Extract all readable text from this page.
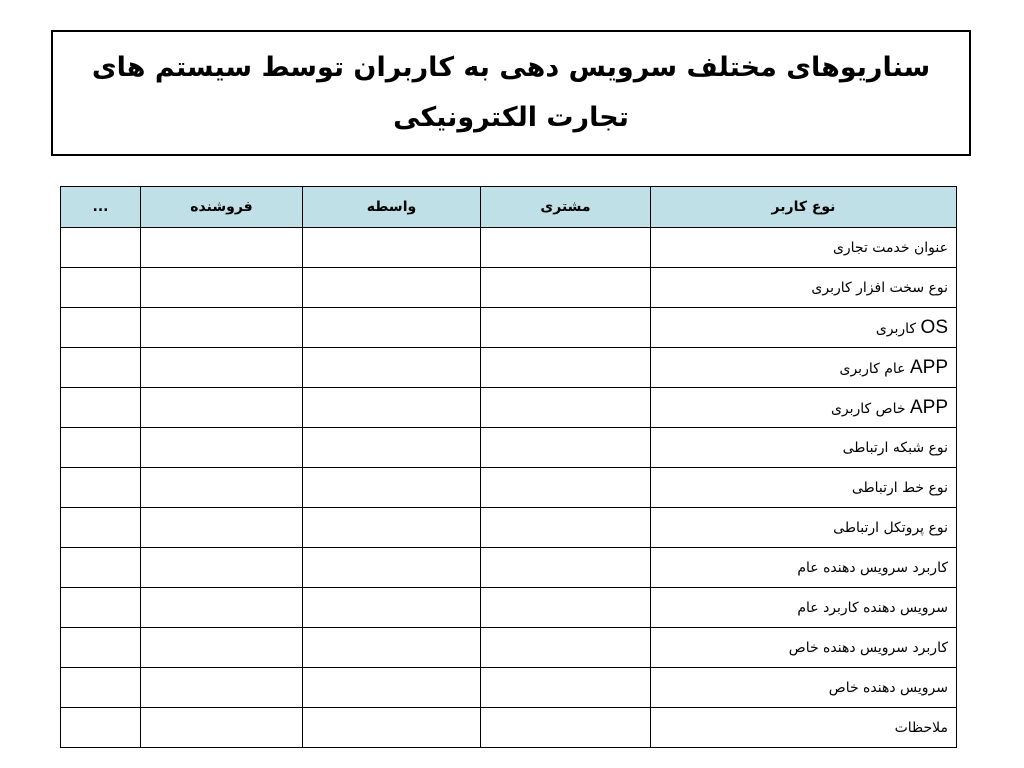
سناریوهای مختلف سرویس دهی به کاربران توسط سیستم های
تجارت الکترونیکی
نوع کاربر	مشتری	واسطه	فروشنده	...
عنوان خدمت تجاری				
نوع سخت افزار کاربری				
OS کاربری				
APP عام کاربری				
APP خاص کاربری				
نوع شبکه ارتباطی				
نوع خط ارتباطی				
نوع پروتکل ارتباطی				
کاربرد سرویس دهنده عام				
سرویس دهنده کاربرد عام				
کاربرد سرویس دهنده خاص				
سرویس دهنده خاص				
ملاحظات				
